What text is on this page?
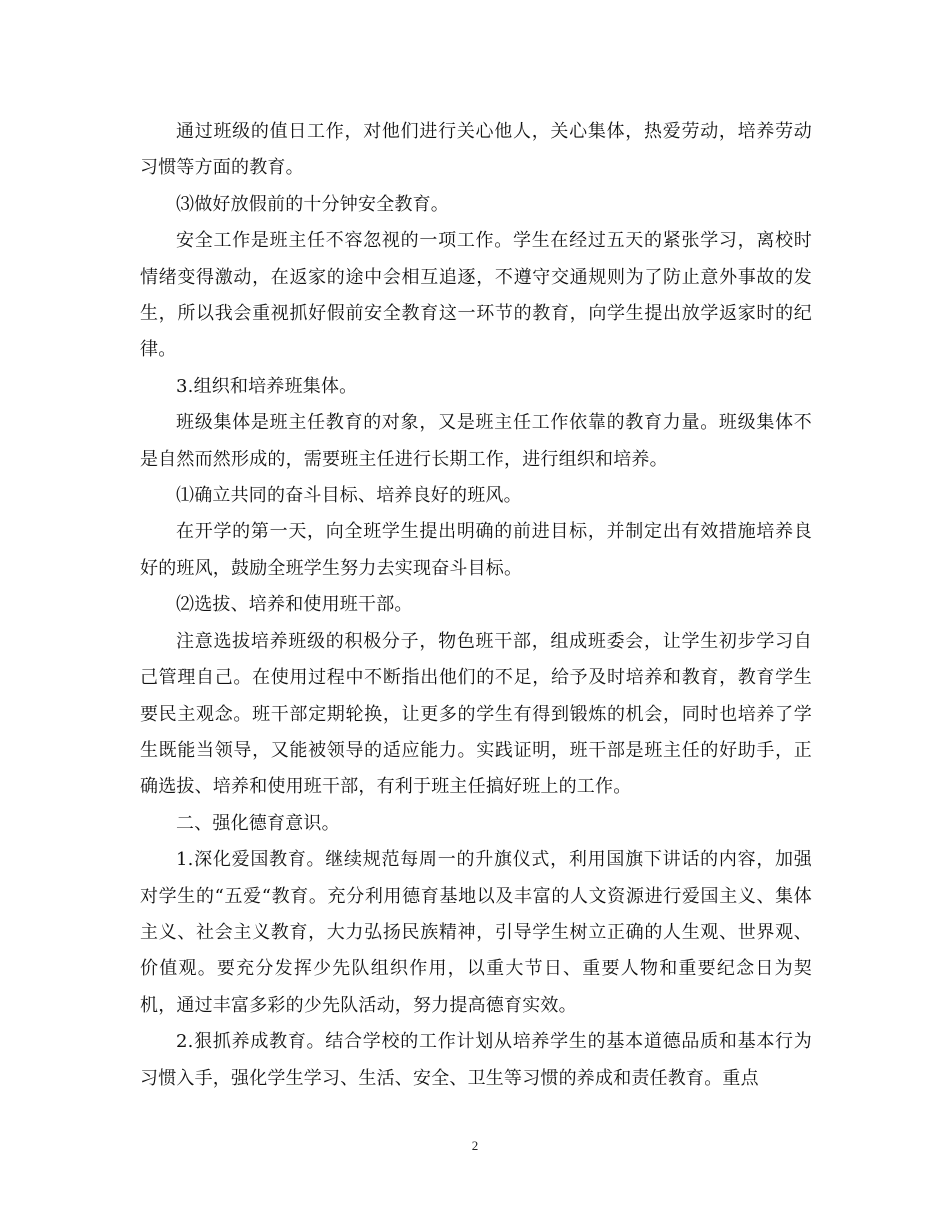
通过班级的值日工作，对他们进行关心他人，关心集体，热爱劳动，培养劳动习惯等方面的教育。

⑶做好放假前的十分钟安全教育。

安全工作是班主任不容忽视的一项工作。学生在经过五天的紧张学习，离校时情绪变得激动，在返家的途中会相互追逐，不遵守交通规则为了防止意外事故的发生，所以我会重视抓好假前安全教育这一环节的教育，向学生提出放学返家时的纪律。

3.组织和培养班集体。

班级集体是班主任教育的对象，又是班主任工作依靠的教育力量。班级集体不是自然而然形成的，需要班主任进行长期工作，进行组织和培养。

⑴确立共同的奋斗目标、培养良好的班风。

在开学的第一天，向全班学生提出明确的前进目标，并制定出有效措施培养良好的班风，鼓励全班学生努力去实现奋斗目标。

⑵选拔、培养和使用班干部。

注意选拔培养班级的积极分子，物色班干部，组成班委会，让学生初步学习自己管理自己。在使用过程中不断指出他们的不足，给予及时培养和教育，教育学生要民主观念。班干部定期轮换，让更多的学生有得到锻炼的机会，同时也培养了学生既能当领导，又能被领导的适应能力。实践证明，班干部是班主任的好助手，正确选拔、培养和使用班干部，有利于班主任搞好班上的工作。

二、强化德育意识。

1.深化爱国教育。继续规范每周一的升旗仪式，利用国旗下讲话的内容，加强对学生的“五爱“教育。充分利用德育基地以及丰富的人文资源进行爱国主义、集体主义、社会主义教育，大力弘扬民族精神，引导学生树立正确的人生观、世界观、价值观。要充分发挥少先队组织作用，以重大节日、重要人物和重要纪念日为契机，通过丰富多彩的少先队活动，努力提高德育实效。

2.狠抓养成教育。结合学校的工作计划从培养学生的基本道德品质和基本行为习惯入手，强化学生学习、生活、安全、卫生等习惯的养成和责任教育。重点

2
